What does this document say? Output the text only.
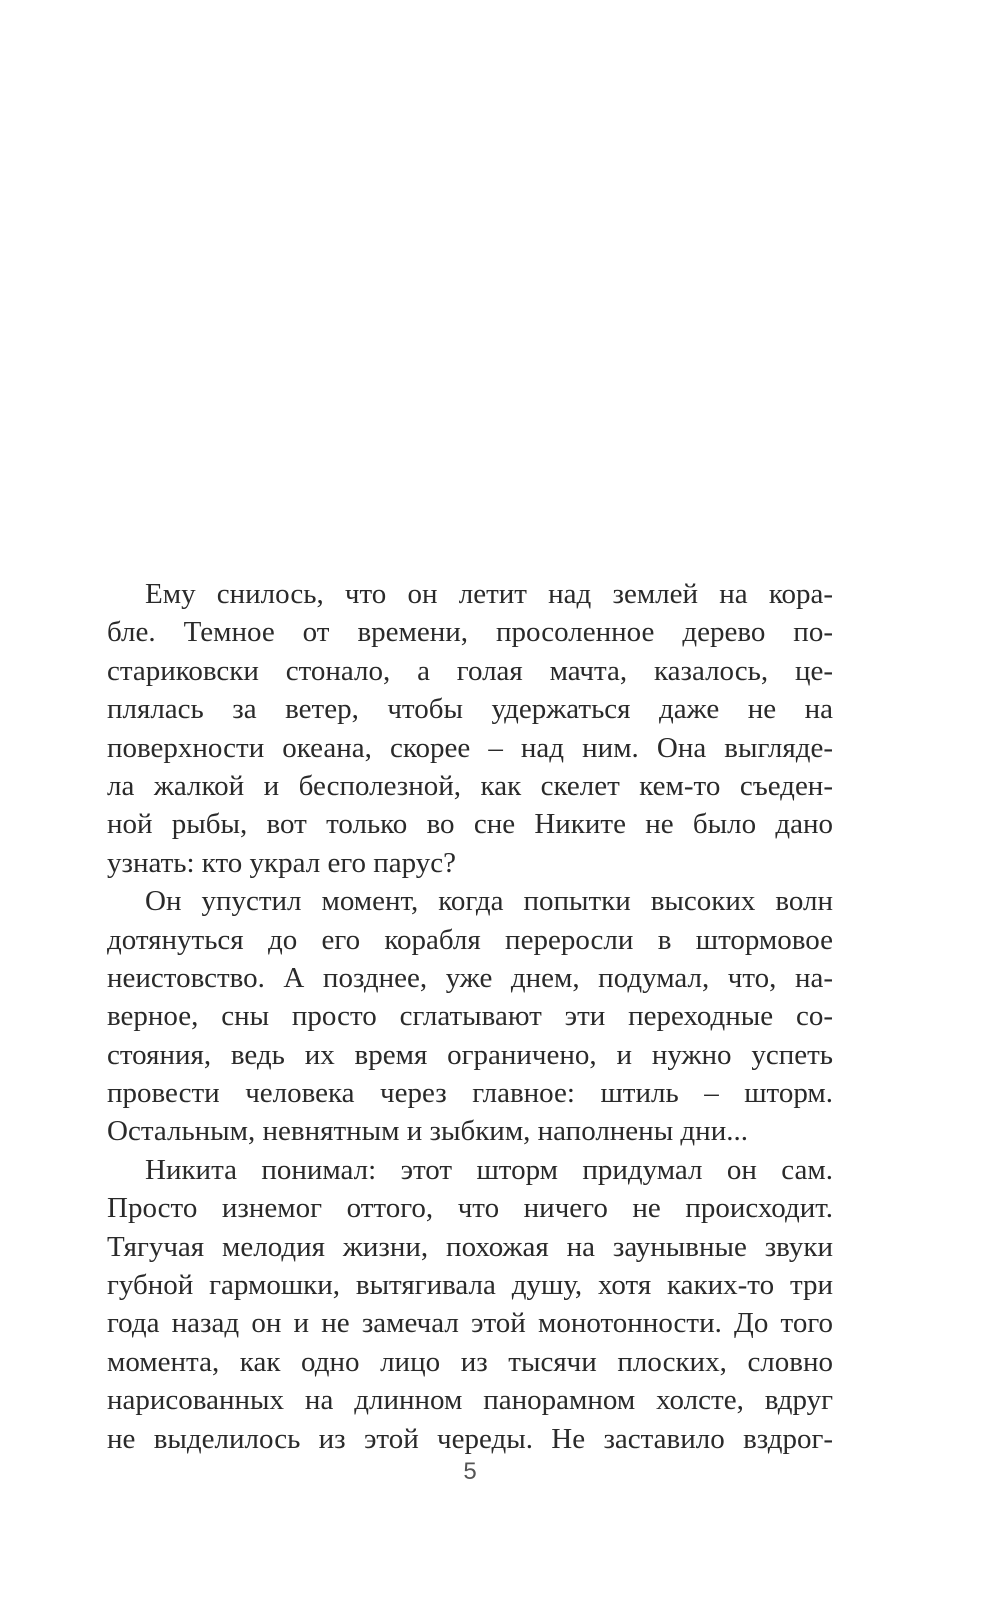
Ему снилось, что он летит над землей на кора-
бле. Темное от времени, просоленное дерево по-
стариковски стонало, а голая мачта, казалось, це-
плялась за ветер, чтобы удержаться даже не на
поверхности океана, скорее – над ним. Она выгляде-
ла жалкой и бесполезной, как скелет кем-то съеден-
ной рыбы, вот только во сне Никите не было дано
узнать: кто украл его парус?
Он упустил момент, когда попытки высоких волн
дотянуться до его корабля переросли в штормовое
неистовство. А позднее, уже днем, подумал, что, на-
верное, сны просто сглатывают эти переходные со-
стояния, ведь их время ограничено, и нужно успеть
провести человека через главное: штиль – шторм.
Остальным, невнятным и зыбким, наполнены дни...
Никита понимал: этот шторм придумал он сам.
Просто изнемог оттого, что ничего не происходит.
Тягучая мелодия жизни, похожая на заунывные звуки
губной гармошки, вытягивала душу, хотя каких-то три
года назад он и не замечал этой монотонности. До того
момента, как одно лицо из тысячи плоских, словно
нарисованных на длинном панорамном холсте, вдруг
не выделилось из этой череды. Не заставило вздрог-
5
